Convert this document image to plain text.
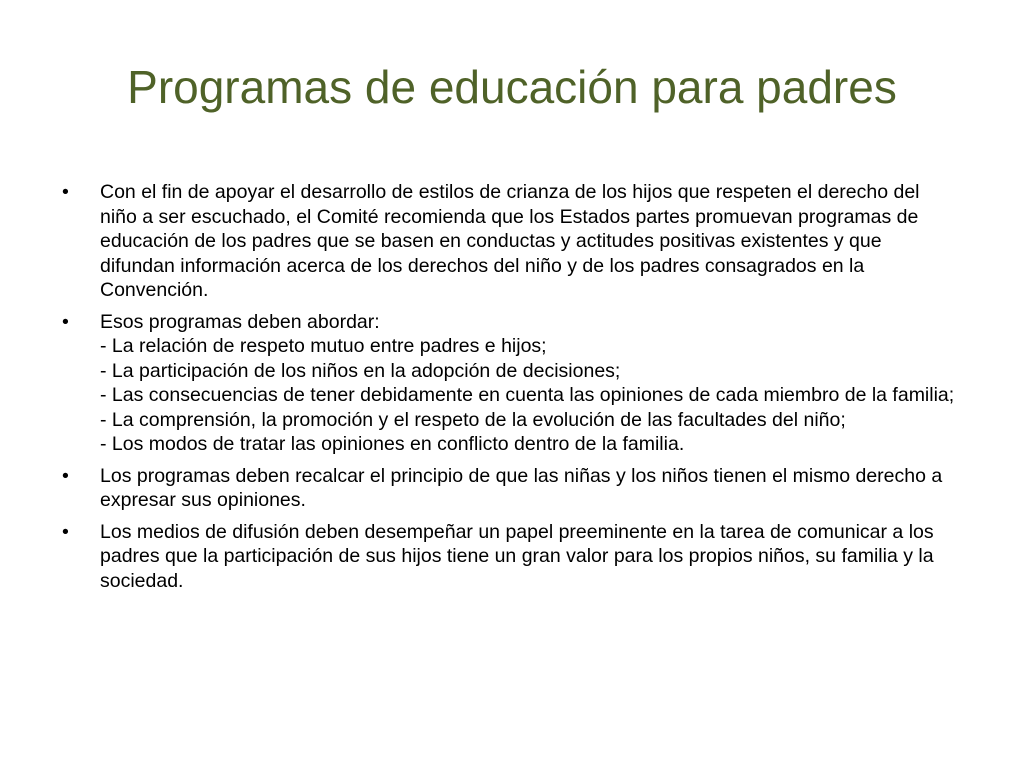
Programas de educación para padres
•	Con el fin de apoyar el desarrollo de estilos de crianza de los hijos que respeten el derecho del niño a ser escuchado, el Comité recomienda que los Estados partes promuevan programas de educación de los padres que se basen en conductas y actitudes positivas existentes y que difundan información acerca de los derechos del niño y de los padres consagrados en la Convención.
•	Esos programas deben abordar:
- La relación de respeto mutuo entre padres e hijos;
- La participación de los niños en la adopción de decisiones;
- Las consecuencias de tener debidamente en cuenta las opiniones de cada miembro de la familia;
- La comprensión, la promoción y el respeto de la evolución de las facultades del niño;
- Los modos de tratar las opiniones en conflicto dentro de la familia.
•	Los programas deben recalcar el principio de que las niñas y los niños tienen el mismo derecho a expresar sus opiniones.
•	Los medios de difusión deben desempeñar un papel preeminente en la tarea de comunicar a los padres que la participación de sus hijos tiene un gran valor para los propios niños, su familia y la sociedad.
